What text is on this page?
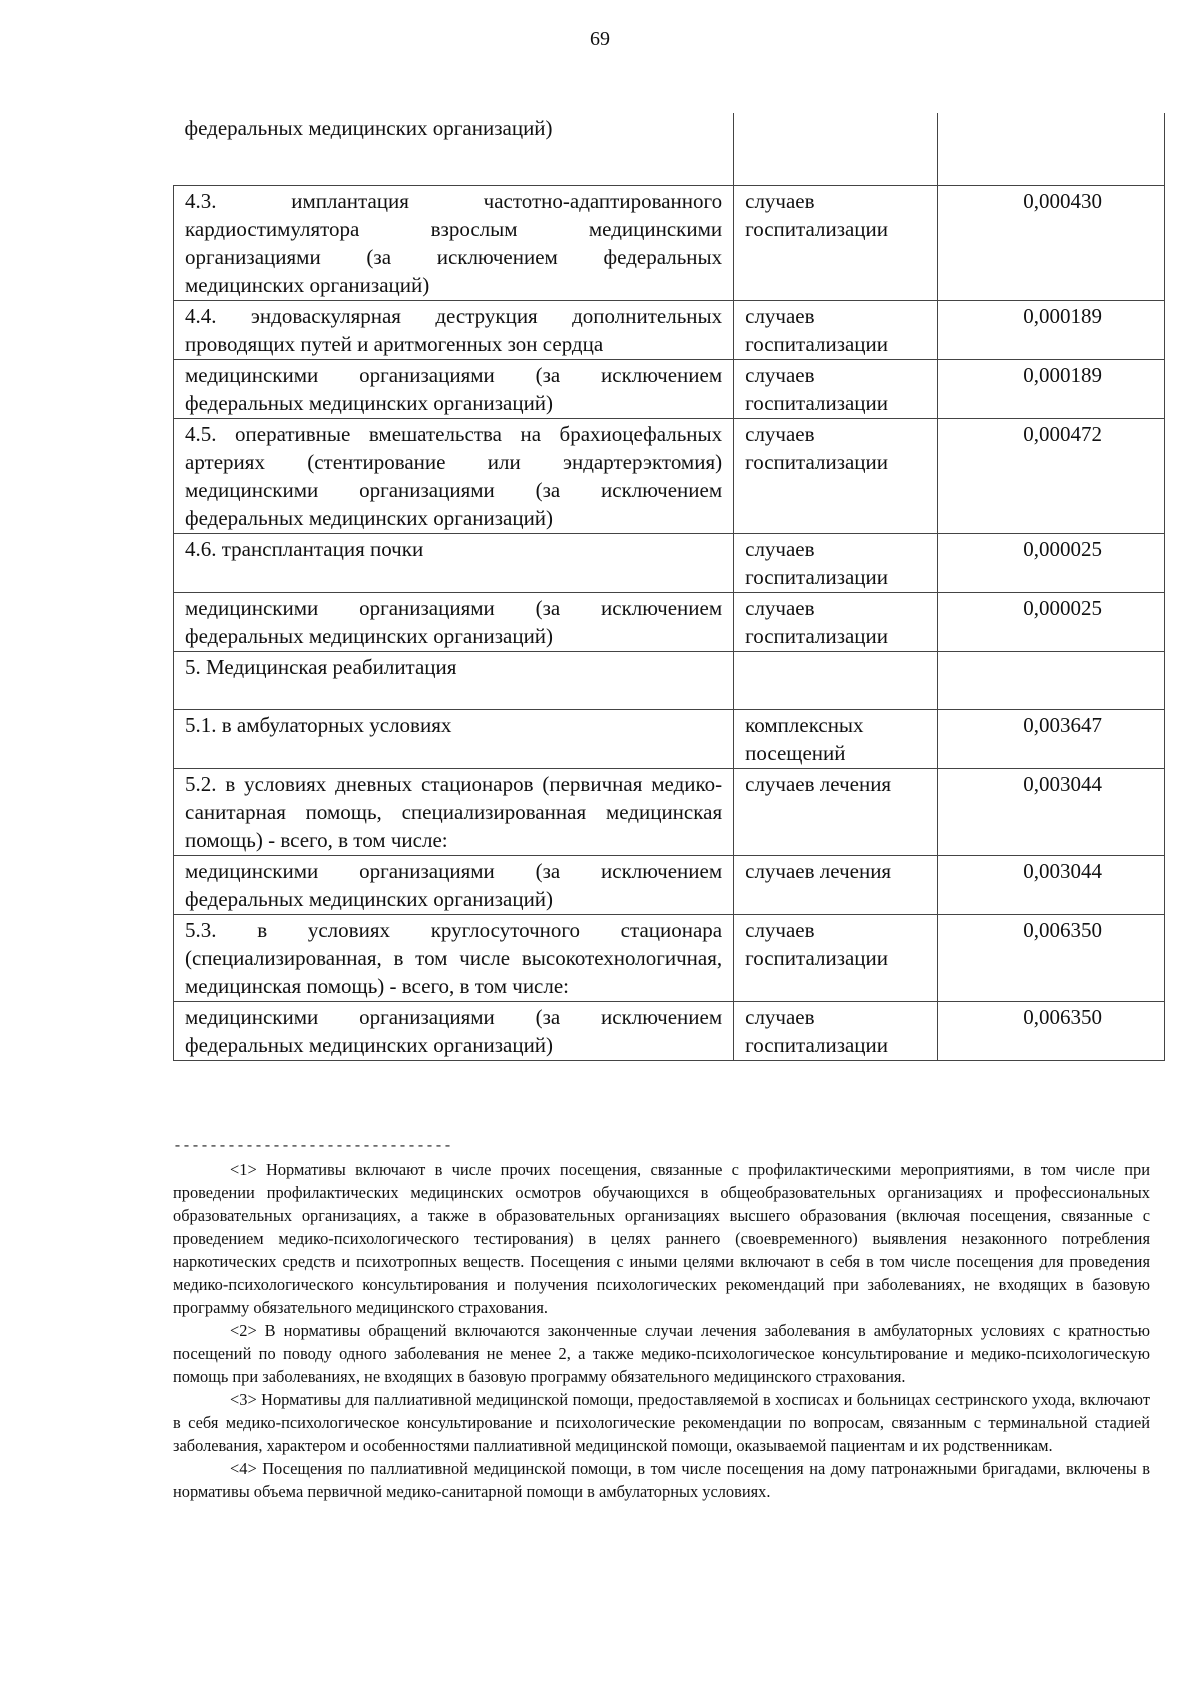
69
федеральных медицинских организаций)		
4.3. имплантация частотно-адаптированного кардиостимулятора взрослым медицинскими организациями (за исключением федеральных медицинских организаций)	случаев госпитализации	0,000430
4.4. эндоваскулярная деструкция дополнительных проводящих путей и аритмогенных зон сердца	случаев госпитализации	0,000189
медицинскими организациями (за исключением федеральных медицинских организаций)	случаев госпитализации	0,000189
4.5. оперативные вмешательства на брахиоцефальных артериях (стентирование или эндартерэктомия) медицинскими организациями (за исключением федеральных медицинских организаций)	случаев госпитализации	0,000472
4.6. трансплантация почки	случаев госпитализации	0,000025
медицинскими организациями (за исключением федеральных медицинских организаций)	случаев госпитализации	0,000025
5. Медицинская реабилитация		
5.1. в амбулаторных условиях	комплексных посещений	0,003647
5.2. в условиях дневных стационаров (первичная медико-санитарная помощь, специализированная медицинская помощь) - всего, в том числе:	случаев лечения	0,003044
медицинскими организациями (за исключением федеральных медицинских организаций)	случаев лечения	0,003044
5.3. в условиях круглосуточного стационара (специализированная, в том числе высокотехнологичная, медицинская помощь) - всего, в том числе:	случаев госпитализации	0,006350
медицинскими организациями (за исключением федеральных медицинских организаций)	случаев госпитализации	0,006350
-------------------------------

<1> Нормативы включают в числе прочих посещения, связанные с профилактическими мероприятиями, в том числе при проведении профилактических медицинских осмотров обучающихся в общеобразовательных организациях и профессиональных образовательных организациях, а также в образовательных организациях высшего образования (включая посещения, связанные с проведением медико-психологического тестирования) в целях раннего (своевременного) выявления незаконного потребления наркотических средств и психотропных веществ. Посещения с иными целями включают в себя в том числе посещения для проведения медико-психологического консультирования и получения психологических рекомендаций при заболеваниях, не входящих в базовую программу обязательного медицинского страхования.

<2> В нормативы обращений включаются законченные случаи лечения заболевания в амбулаторных условиях с кратностью посещений по поводу одного заболевания не менее 2, а также медико-психологическое консультирование и медико-психологическую помощь при заболеваниях, не входящих в базовую программу обязательного медицинского страхования.

<3> Нормативы для паллиативной медицинской помощи, предоставляемой в хосписах и больницах сестринского ухода, включают в себя медико-психологическое консультирование и психологические рекомендации по вопросам, связанным с терминальной стадией заболевания, характером и особенностями паллиативной медицинской помощи, оказываемой пациентам и их родственникам.

<4> Посещения по паллиативной медицинской помощи, в том числе посещения на дому патронажными бригадами, включены в нормативы объема первичной медико-санитарной помощи в амбулаторных условиях.
